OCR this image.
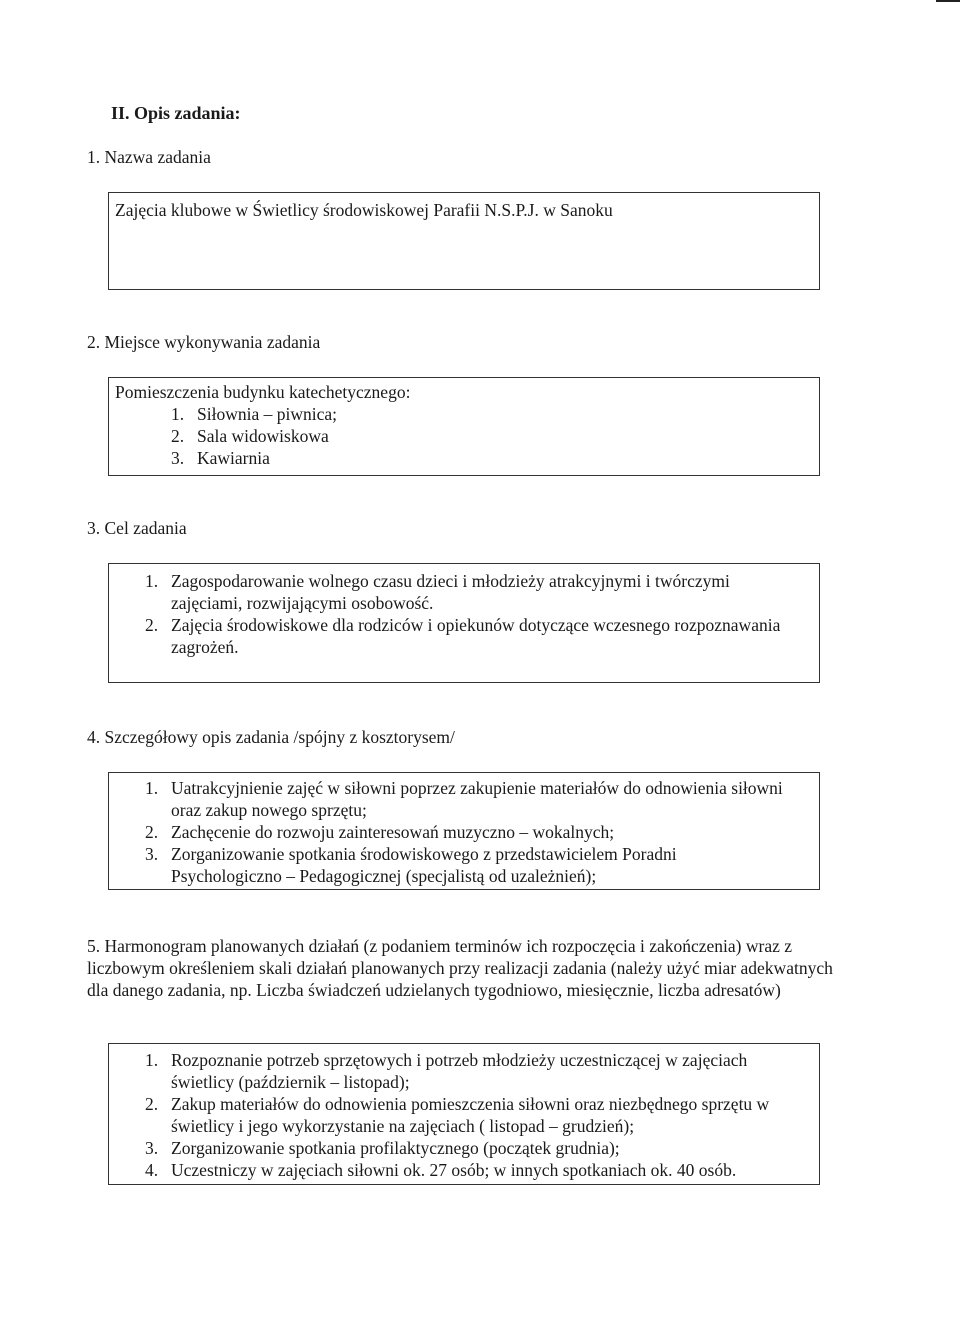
II. Opis zadania:

1. Nazwa zadania

Zajęcia klubowe w Świetlicy środowiskowej Parafii N.S.P.J. w Sanoku

2. Miejsce wykonywania zadania

Pomieszczenia budynku katechetycznego:

1. Siłownia – piwnica;
2. Sala widowiskowa
3. Kawiarnia

3. Cel zadania

1. Zagospodarowanie wolnego czasu dzieci i młodzieży atrakcyjnymi i twórczymi zajęciami, rozwijającymi osobowość.
2. Zajęcia środowiskowe dla rodziców i opiekunów dotyczące wczesnego rozpoznawania zagrożeń.

4. Szczegółowy opis zadania /spójny z kosztorysem/

1. Uatrakcyjnienie zajęć w siłowni poprzez zakupienie materiałów do odnowienia siłowni oraz zakup nowego sprzętu;
2. Zachęcenie do rozwoju zainteresowań muzyczno – wokalnych;
3. Zorganizowanie spotkania środowiskowego z przedstawicielem Poradni Psychologiczno – Pedagogicznej (specjalistą od uzależnień);

5. Harmonogram planowanych działań (z podaniem terminów ich rozpoczęcia i zakończenia) wraz z liczbowym określeniem skali działań planowanych przy realizacji zadania (należy użyć miar adekwatnych dla danego zadania, np. Liczba świadczeń udzielanych tygodniowo, miesięcznie, liczba adresatów)

1. Rozpoznanie potrzeb sprzętowych i potrzeb młodzieży uczestniczącej w zajęciach świetlicy (październik – listopad);
2. Zakup materiałów do odnowienia pomieszczenia siłowni oraz niezbędnego sprzętu w świetlicy i jego wykorzystanie na zajęciach ( listopad – grudzień);
3. Zorganizowanie spotkania profilaktycznego (początek grudnia);
4. Uczestniczy w zajęciach siłowni ok. 27 osób; w innych spotkaniach ok. 40 osób.
